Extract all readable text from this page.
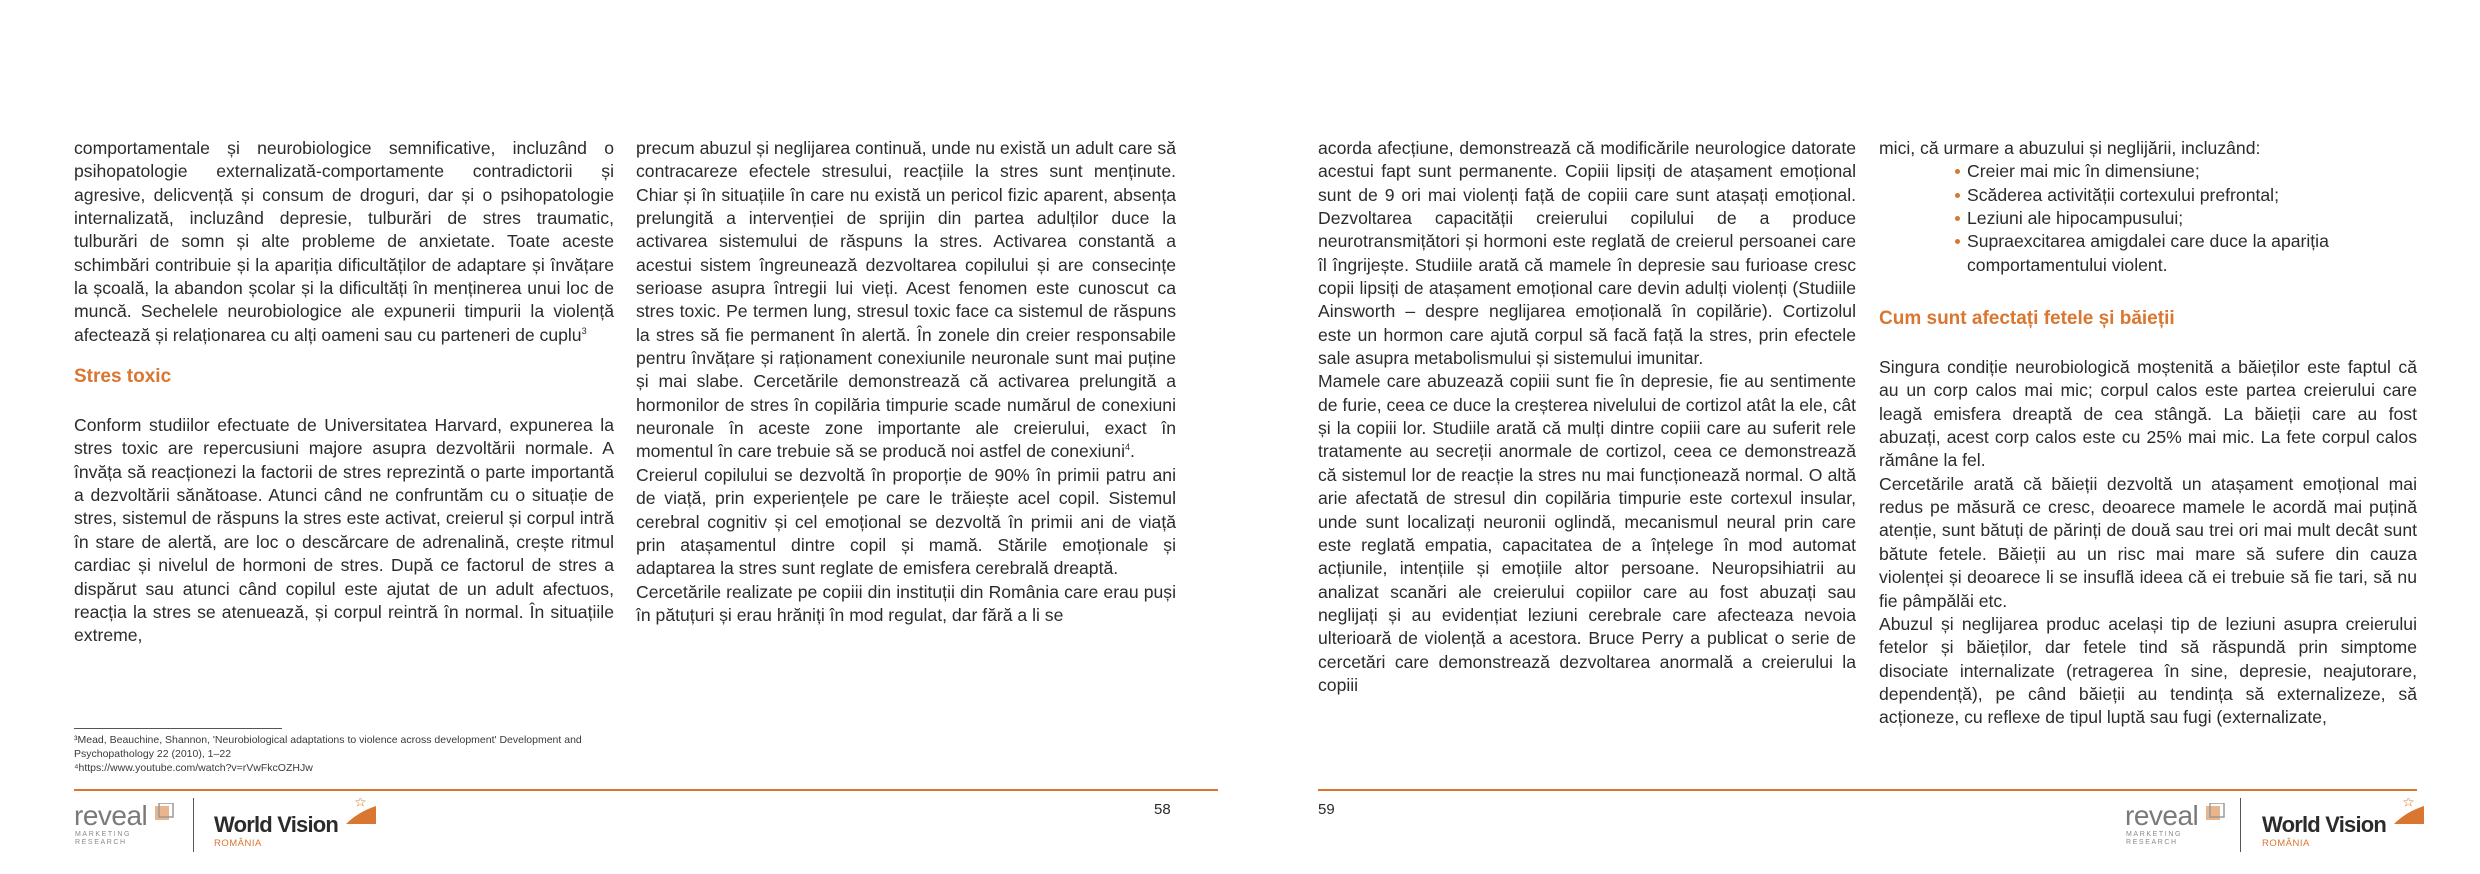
comportamentale și neurobiologice semnificative, incluzând o psihopatologie externalizată-comportamente contradictorii și agresive, delicvență și consum de droguri, dar și o psihopatologie internalizată, incluzând depresie, tulburări de stres traumatic, tulburări de somn și alte probleme de anxietate. Toate aceste schimbări contribuie și la apariția dificultăților de adaptare și învățare la școală, la abandon școlar și la dificultăți în menținerea unui loc de muncă. Sechelele neurobiologice ale expunerii timpurii la violență afectează și relaționarea cu alți oameni sau cu parteneri de cuplu$^3$

Stres toxic

Conform studiilor efectuate de Universitatea Harvard, expunerea la stres toxic are repercusiuni majore asupra dezvoltării normale. A învăța să reacționezi la factorii de stres reprezintă o parte importantă a dezvoltării sănătoase. Atunci când ne confruntăm cu o situație de stres, sistemul de răspuns la stres este activat, creierul și corpul intră în stare de alertă, are loc o descărcare de adrenalină, crește ritmul cardiac și nivelul de hormoni de stres. După ce factorul de stres a dispărut sau atunci când copilul este ajutat de un adult afectuos, reacția la stres se atenuează, și corpul reintră în normal. În situațiile extreme,

precum abuzul și neglijarea continuă, unde nu există un adult care să contracareze efectele stresului, reacțiile la stres sunt menținute. Chiar și în situațiile în care nu există un pericol fizic aparent, absența prelungită a intervenției de sprijin din partea adulților duce la activarea sistemului de răspuns la stres. Activarea constantă a acestui sistem îngreunează dezvoltarea copilului și are consecințe serioase asupra întregii lui vieți. Acest fenomen este cunoscut ca stres toxic. Pe termen lung, stresul toxic face ca sistemul de răspuns la stres să fie permanent în alertă. În zonele din creier responsabile pentru învățare și raționament conexiunile neuronale sunt mai puține și mai slabe. Cercetările demonstrează că activarea prelungită a hormonilor de stres în copilăria timpurie scade numărul de conexiuni neuronale în aceste zone importante ale creierului, exact în momentul în care trebuie să se producă noi astfel de conexiuni$^4$.

Creierul copilului se dezvoltă în proporție de 90% în primii patru ani de viață, prin experiențele pe care le trăiește acel copil. Sistemul cerebral cognitiv și cel emoțional se dezvoltă în primii ani de viață prin atașamentul dintre copil și mamă. Stările emoționale și adaptarea la stres sunt reglate de emisfera cerebrală dreaptă.

Cercetările realizate pe copiii din instituții din România care erau puși în pătuțuri și erau hrăniți în mod regulat, dar fără a li se

³Mead, Beauchine, Shannon, 'Neurobiological adaptations to violence across development' Development and Psychopathology 22 (2010), 1–22
⁴https://www.youtube.com/watch?v=rVwFkcOZHJw
58
reveal
MARKETING RESEARCH
World Vision
ROMÂNIA

acorda afecțiune, demonstrează că modificările neurologice datorate acestui fapt sunt permanente. Copiii lipsiți de atașament emoțional sunt de 9 ori mai violenți față de copiii care sunt atașați emoțional. Dezvoltarea capacității creierului copilului de a produce neurotransmițători și hormoni este reglată de creierul persoanei care îl îngrijește. Studiile arată că mamele în depresie sau furioase cresc copii lipsiți de atașament emoțional care devin adulți violenți (Studiile Ainsworth – despre neglijarea emoțională în copilărie). Cortizolul este un hormon care ajută corpul să facă față la stres, prin efectele sale asupra metabolismului și sistemului imunitar.

Mamele care abuzează copiii sunt fie în depresie, fie au sentimente de furie, ceea ce duce la creșterea nivelului de cortizol atât la ele, cât și la copiii lor. Studiile arată că mulți dintre copiii care au suferit rele tratamente au secreții anormale de cortizol, ceea ce demonstrează că sistemul lor de reacție la stres nu mai funcționează normal. O altă arie afectată de stresul din copilăria timpurie este cortexul insular, unde sunt localizați neuronii oglindă, mecanismul neural prin care este reglată empatia, capacitatea de a înțelege în mod automat acțiunile, intențiile și emoțiile altor persoane. Neuropsihiatrii au analizat scanări ale creierului copiilor care au fost abuzați sau neglijați și au evidențiat leziuni cerebrale care afecteaza nevoia ulterioară de violență a acestora. Bruce Perry a publicat o serie de cercetări care demonstrează dezvoltarea anormală a creierului la copiii

mici, că urmare a abuzului și neglijării, incluzând:

Creier mai mic în dimensiune;
Scăderea activității cortexului prefrontal;
Leziuni ale hipocampusului;
Supraexcitarea amigdalei care duce la apariția comportamentului violent.

Cum sunt afectați fetele și băieții

Singura condiție neurobiologică moștenită a băieților este faptul că au un corp calos mai mic; corpul calos este partea creierului care leagă emisfera dreaptă de cea stângă. La băieții care au fost abuzați, acest corp calos este cu 25% mai mic. La fete corpul calos rămâne la fel.

Cercetările arată că băieții dezvoltă un atașament emoțional mai redus pe măsură ce cresc, deoarece mamele le acordă mai puțină atenție, sunt bătuți de părinți de două sau trei ori mai mult decât sunt bătute fetele. Băieții au un risc mai mare să sufere din cauza violenței și deoarece li se insuflă ideea că ei trebuie să fie tari, să nu fie pâmpălăi etc.

Abuzul și neglijarea produc același tip de leziuni asupra creierului fetelor și băieților, dar fetele tind să răspundă prin simptome disociate internalizate (retragerea în sine, depresie, neajutorare, dependență), pe când băieții au tendința să externalizeze, să acționeze, cu reflexe de tipul luptă sau fugi (externalizate,

59	reveal
MARKETING RESEARCH
World Vision
ROMÂNIA
